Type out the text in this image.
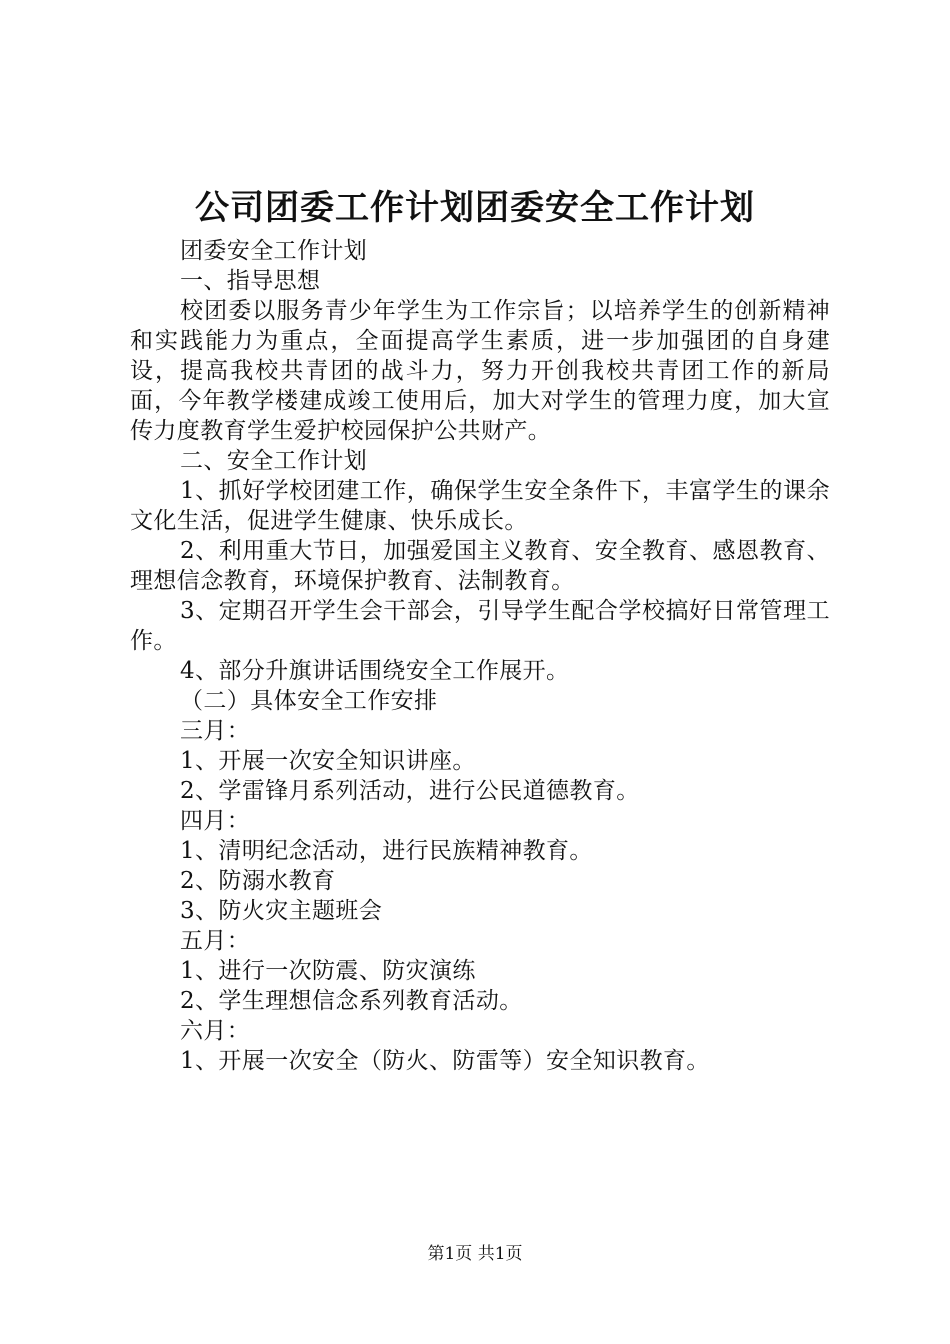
公司团委工作计划团委安全工作计划

团委安全工作计划

一、指导思想

校团委以服务青少年学生为工作宗旨；以培养学生的创新精神和实践能力为重点，全面提高学生素质，进一步加强团的自身建设，提高我校共青团的战斗力，努力开创我校共青团工作的新局面，今年教学楼建成竣工使用后，加大对学生的管理力度，加大宣传力度教育学生爱护校园保护公共财产。

二、安全工作计划

1、抓好学校团建工作，确保学生安全条件下，丰富学生的课余文化生活，促进学生健康、快乐成长。

2、利用重大节日，加强爱国主义教育、安全教育、感恩教育、理想信念教育，环境保护教育、法制教育。

3、定期召开学生会干部会，引导学生配合学校搞好日常管理工作。

4、部分升旗讲话围绕安全工作展开。

（二）具体安全工作安排

三月：

1、开展一次安全知识讲座。

2、学雷锋月系列活动，进行公民道德教育。

四月：

1、清明纪念活动，进行民族精神教育。

2、防溺水教育

3、防火灾主题班会

五月：

1、进行一次防震、防灾演练

2、学生理想信念系列教育活动。

六月：

1、开展一次安全（防火、防雷等）安全知识教育。

第1页 共1页
